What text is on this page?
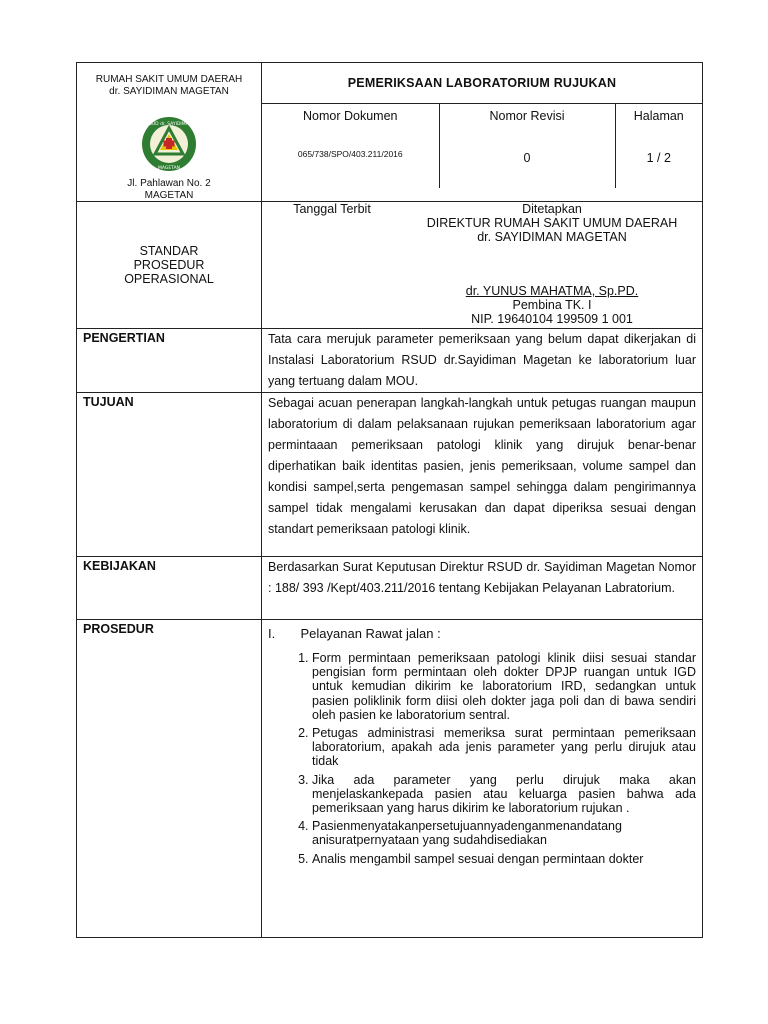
RUMAH SAKIT UMUM DAERAH
dr. SAYIDIMAN MAGETAN
RSUD dr. SAYIDIMAN
MAGETAN
Jl. Pahlawan No. 2
MAGETAN
	PEMERIKSAAN LABORATORIUM RUJUKAN

Nomor Dokumen	Nomor Revisi	Halaman
065/738/SPO/403.211/2016	0	1 / 2

STANDAR
PROSEDUR
OPERASIONAL

Tanggal Terbit	Ditetapkan
DIREKTUR RUMAH SAKIT UMUM DAERAH
dr. SAYIDIMAN MAGETAN
dr. YUNUS MAHATMA, Sp.PD.
Pembina TK. I
NIP. 19640104 199509 1 001

PENGERTIAN	Tata cara merujuk parameter pemeriksaan yang belum dapat dikerjakan di Instalasi Laboratorium RSUD dr.Sayidiman Magetan ke laboratorium luar yang tertuang dalam MOU.
TUJUAN	Sebagai acuan penerapan langkah-langkah untuk petugas ruangan maupun laboratorium di dalam pelaksanaan rujukan pemeriksaan laboratorium agar permintaaan pemeriksaan patologi klinik yang dirujuk benar-benar diperhatikan baik identitas pasien, jenis pemeriksaan, volume sampel dan kondisi sampel,serta pengemasan sampel sehingga dalam pengirimannya sampel tidak mengalami kerusakan dan dapat diperiksa sesuai dengan standart pemeriksaan patologi klinik.
KEBIJAKAN	Berdasarkan Surat Keputusan Direktur RSUD dr. Sayidiman Magetan Nomor : 188/ 393 /Kept/403.211/2016 tentang Kebijakan Pelayanan Labratorium.
PROSEDUR	I. Pelayanan Rawat jalan :
1. Form permintaan pemeriksaan patologi klinik diisi sesuai standar pengisian form permintaan oleh dokter DPJP ruangan untuk IGD untuk kemudian dikirim ke laboratorium IRD, sedangkan untuk pasien poliklinik form diisi oleh dokter jaga poli dan di bawa sendiri oleh pasien ke laboratorium sentral.
2. Petugas administrasi memeriksa surat permintaan pemeriksaan laboratorium, apakah ada jenis parameter yang perlu dirujuk atau tidak
3. Jika ada parameter yang perlu dirujuk maka akan menjelaskankepada pasien atau keluarga pasien bahwa ada pemeriksaan yang harus dikirim ke laboratorium rujukan .
4. Pasienmenyatakanpersetujuannyadenganmenandatang anisuratpernyataan yang sudahdisediakan
5. Analis mengambil sampel sesuai dengan permintaan dokter
